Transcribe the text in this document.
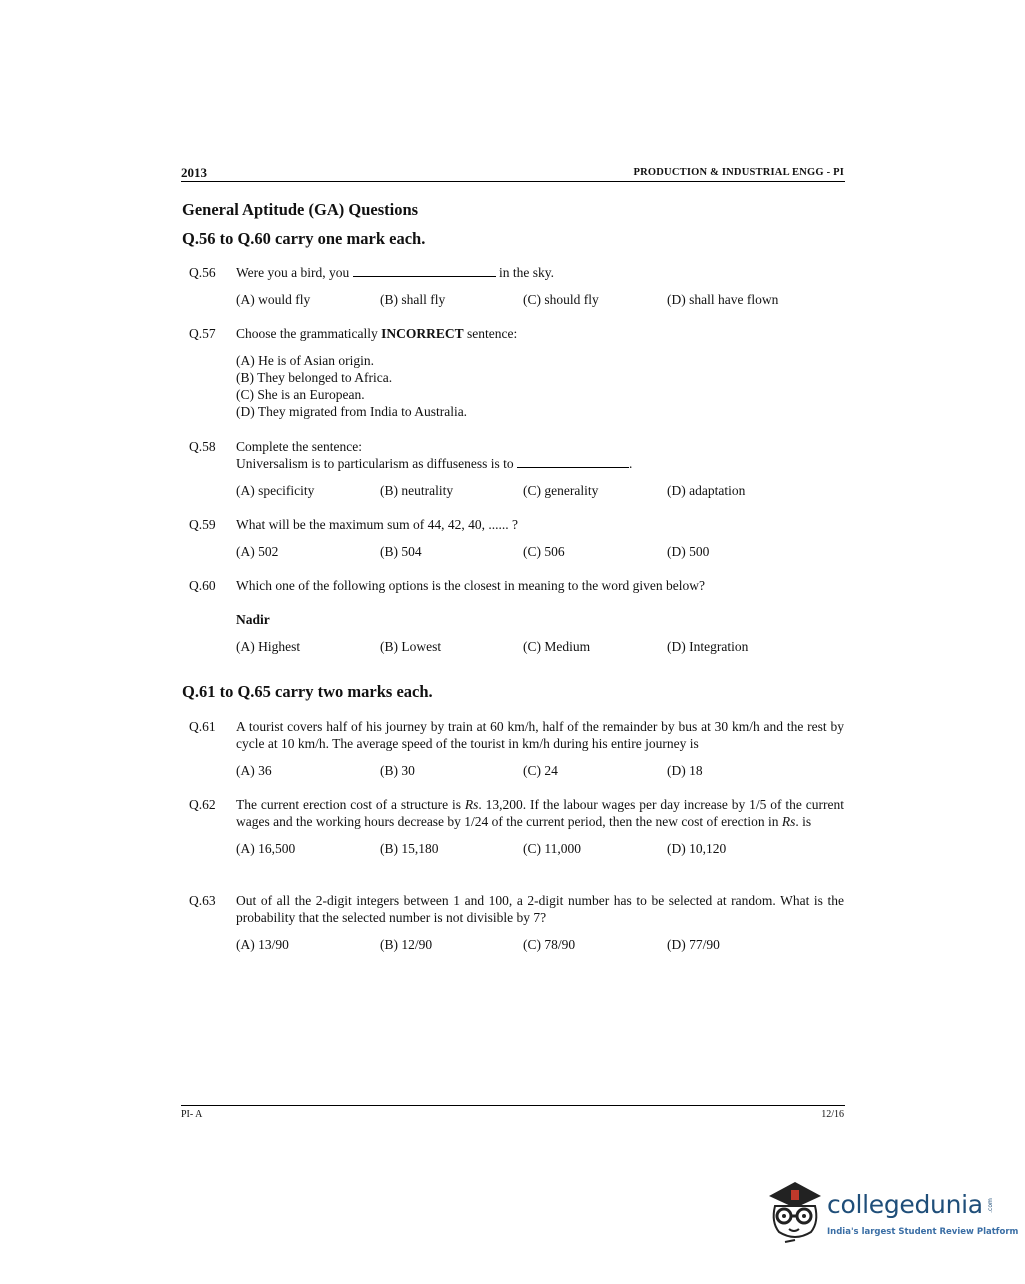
2013	PRODUCTION & INDUSTRIAL ENGG - PI
General Aptitude (GA) Questions
Q.56 to Q.60 carry one mark each.
Q.56 Were you a bird, you	in the sky.

(A) would fly	(B) shall fly	(C) should fly	(D) shall have flown
Q.57 Choose the grammatically INCORRECT sentence:

(A) He is of Asian origin.

(B) They belonged to Africa.

(C) She is an European.

(D) They migrated from India to Australia.

Q.58 Complete the sentence:

Universalism is to particularism as diffuseness is to	.

(A) specificity	(B) neutrality	(C) generality	(D) adaptation
Q.59 What will be the maximum sum of 44, 42, 40, ...... ?

(A) 502	(B) 504	(C) 506	(D) 500
Q.60 Which one of the following options is the closest in meaning to the word given below?

Nadir

(A) Highest	(B) Lowest	(C) Medium	(D) Integration
Q.61 to Q.65 carry two marks each.
Q.61 A tourist covers half of his journey by train at 60 km/h, half of the remainder by bus at 30 km/h and the rest by cycle at 10 km/h. The average speed of the tourist in km/h during his entire journey is

(A) 36	(B) 30	(C) 24	(D) 18
Q.62 The current erection cost of a structure is Rs. 13,200. If the labour wages per day increase by 1/5 of the current wages and the working hours decrease by 1/24 of the current period, then the new cost of erection in Rs. is

(A) 16,500	(B) 15,180	(C) 11,000	(D) 10,120
Q.63 Out of all the 2-digit integers between 1 and 100, a 2-digit number has to be selected at random. What is the probability that the selected number is not divisible by 7?

(A) 13/90	(B) 12/90	(C) 78/90	(D) 77/90
PI- A	12/16
collegedunia .com
India's largest Student Review Platform
